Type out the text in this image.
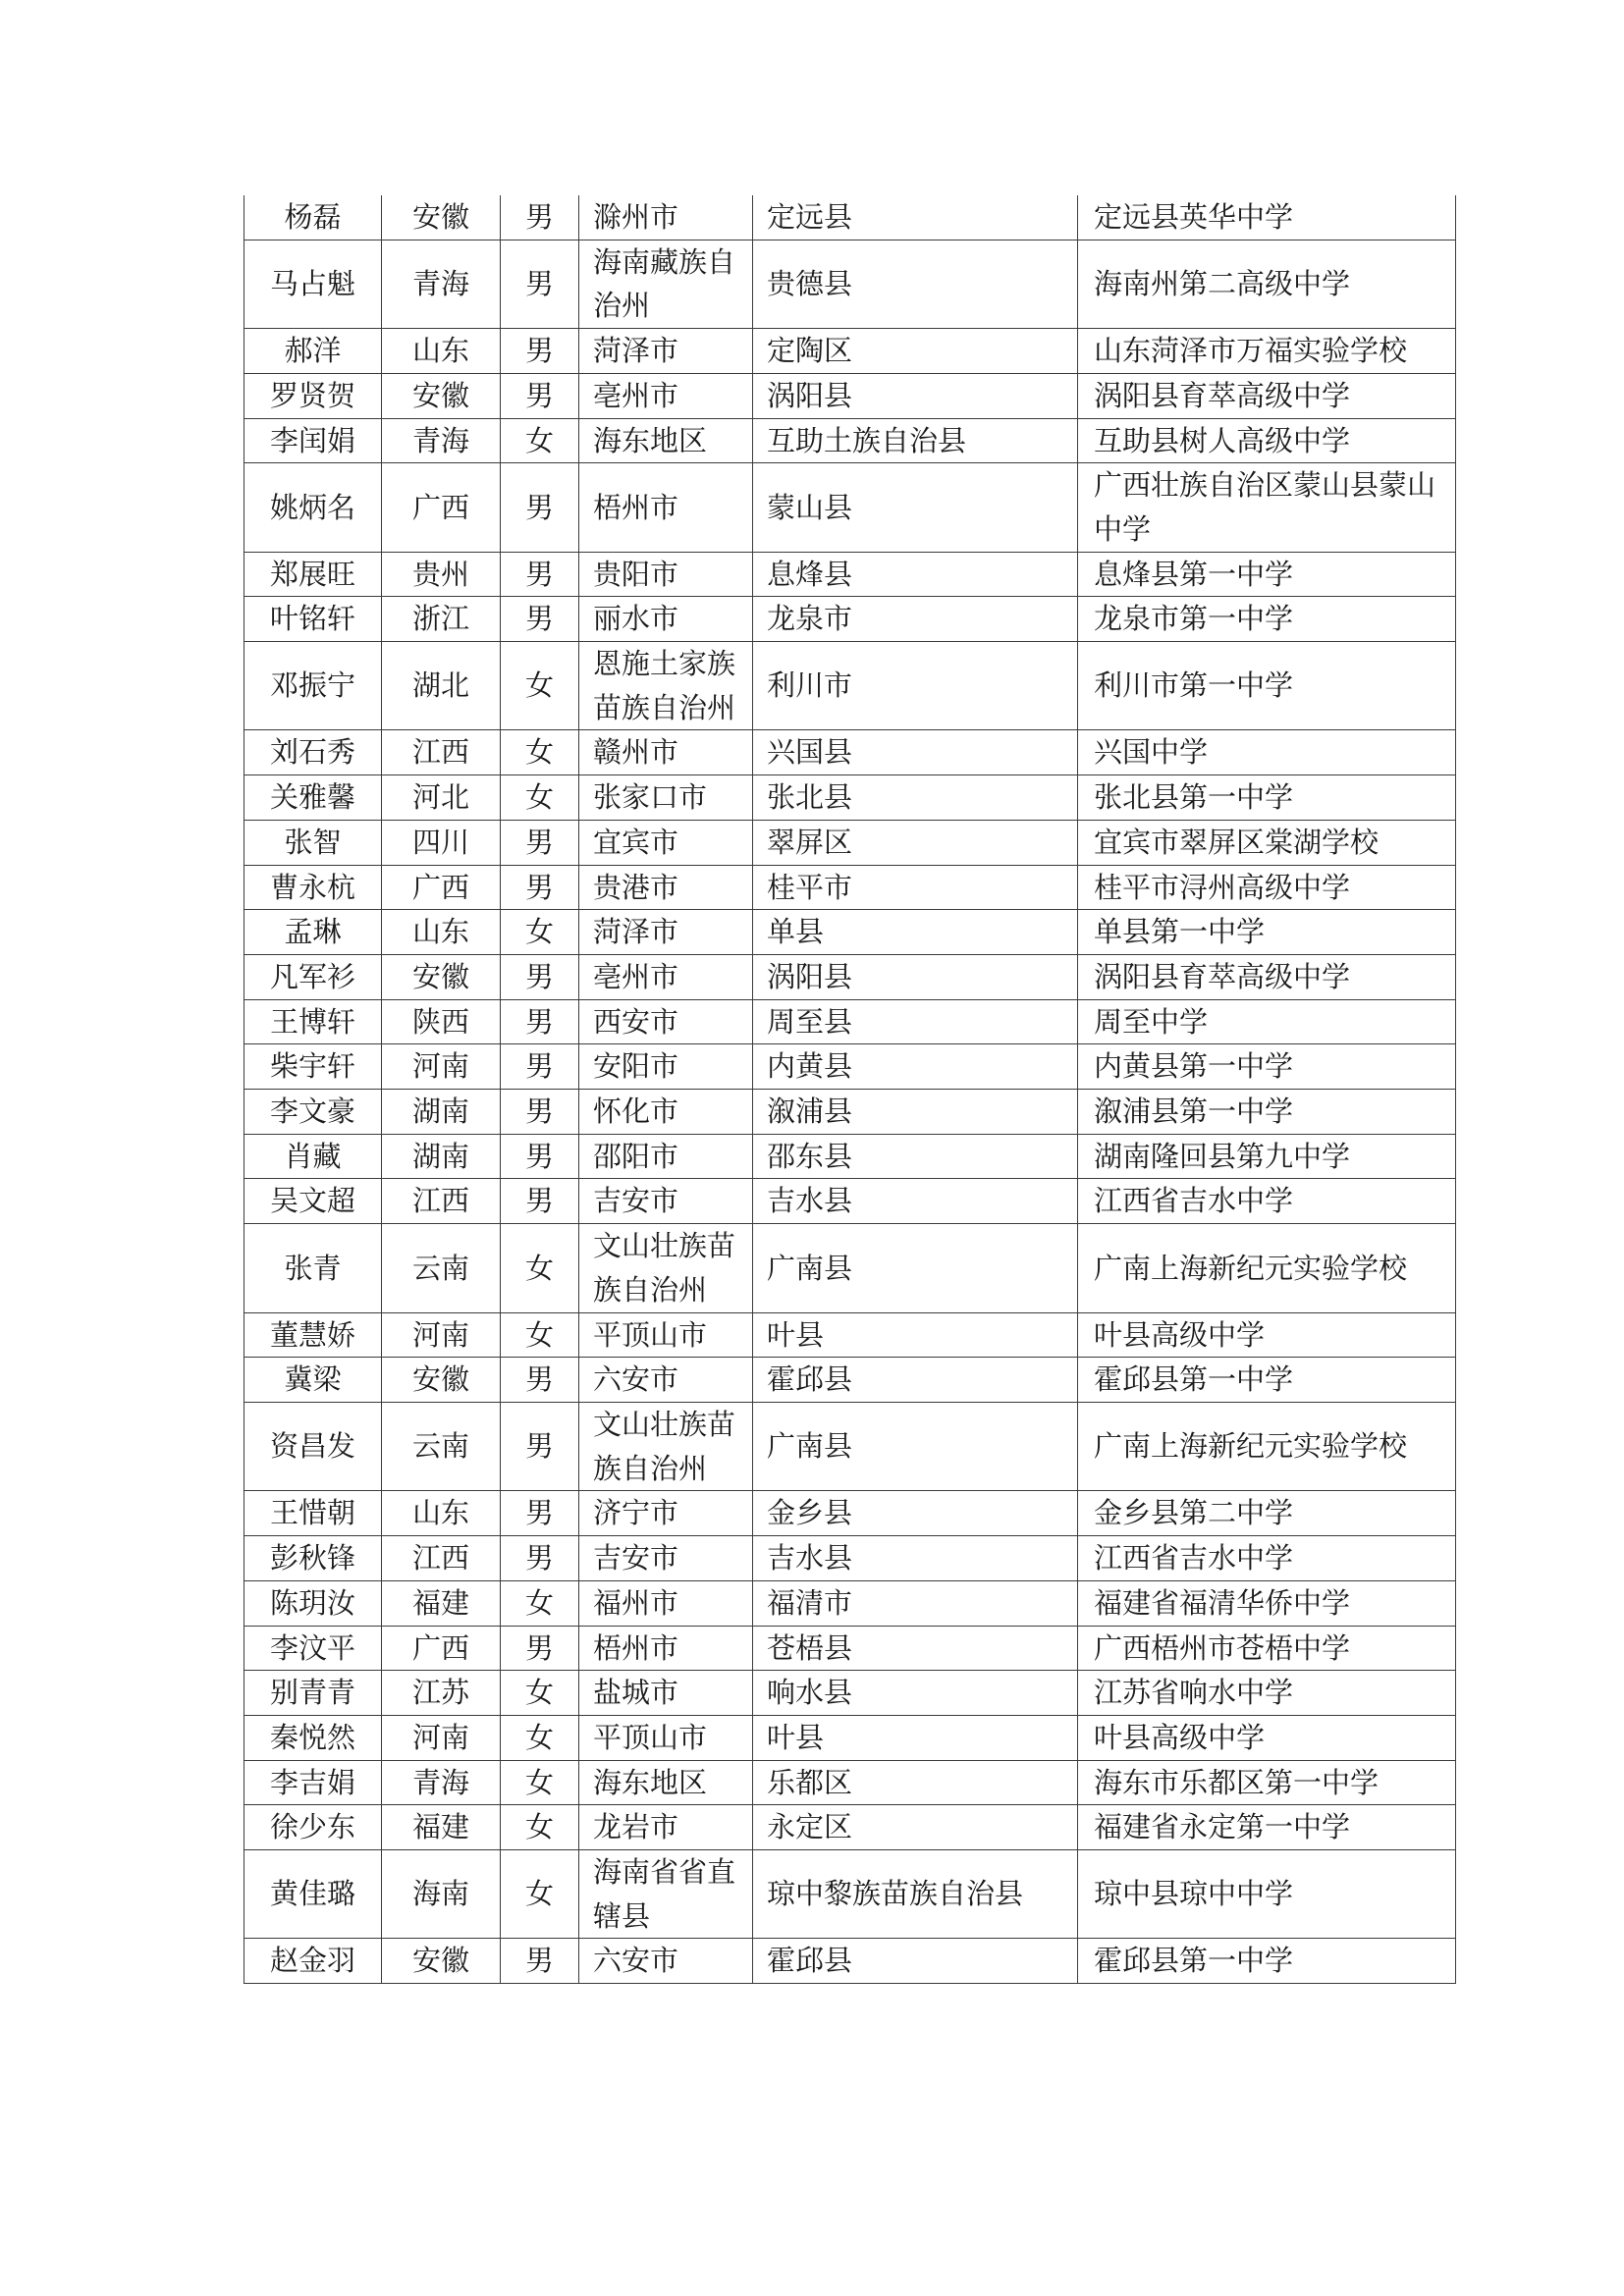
杨磊	安徽	男	滁州市	定远县	定远县英华中学
马占魁	青海	男	海南藏族自治州	贵德县	海南州第二高级中学
郝洋	山东	男	菏泽市	定陶区	山东菏泽市万福实验学校
罗贤贺	安徽	男	亳州市	涡阳县	涡阳县育萃高级中学
李闰娟	青海	女	海东地区	互助土族自治县	互助县树人高级中学
姚炳名	广西	男	梧州市	蒙山县	广西壮族自治区蒙山县蒙山中学
郑展旺	贵州	男	贵阳市	息烽县	息烽县第一中学
叶铭轩	浙江	男	丽水市	龙泉市	龙泉市第一中学
邓振宁	湖北	女	恩施土家族苗族自治州	利川市	利川市第一中学
刘石秀	江西	女	赣州市	兴国县	兴国中学
关雅馨	河北	女	张家口市	张北县	张北县第一中学
张智	四川	男	宜宾市	翠屏区	宜宾市翠屏区棠湖学校
曹永杭	广西	男	贵港市	桂平市	桂平市浔州高级中学
孟琳	山东	女	菏泽市	单县	单县第一中学
凡军衫	安徽	男	亳州市	涡阳县	涡阳县育萃高级中学
王博轩	陕西	男	西安市	周至县	周至中学
柴宇轩	河南	男	安阳市	内黄县	内黄县第一中学
李文豪	湖南	男	怀化市	溆浦县	溆浦县第一中学
肖藏	湖南	男	邵阳市	邵东县	湖南隆回县第九中学
吴文超	江西	男	吉安市	吉水县	江西省吉水中学
张青	云南	女	文山壮族苗族自治州	广南县	广南上海新纪元实验学校
董慧娇	河南	女	平顶山市	叶县	叶县高级中学
冀梁	安徽	男	六安市	霍邱县	霍邱县第一中学
资昌发	云南	男	文山壮族苗族自治州	广南县	广南上海新纪元实验学校
王惜朝	山东	男	济宁市	金乡县	金乡县第二中学
彭秋锋	江西	男	吉安市	吉水县	江西省吉水中学
陈玥汝	福建	女	福州市	福清市	福建省福清华侨中学
李汶平	广西	男	梧州市	苍梧县	广西梧州市苍梧中学
别青青	江苏	女	盐城市	响水县	江苏省响水中学
秦悦然	河南	女	平顶山市	叶县	叶县高级中学
李吉娟	青海	女	海东地区	乐都区	海东市乐都区第一中学
徐少东	福建	女	龙岩市	永定区	福建省永定第一中学
黄佳璐	海南	女	海南省省直辖县	琼中黎族苗族自治县	琼中县琼中中学
赵金羽	安徽	男	六安市	霍邱县	霍邱县第一中学
